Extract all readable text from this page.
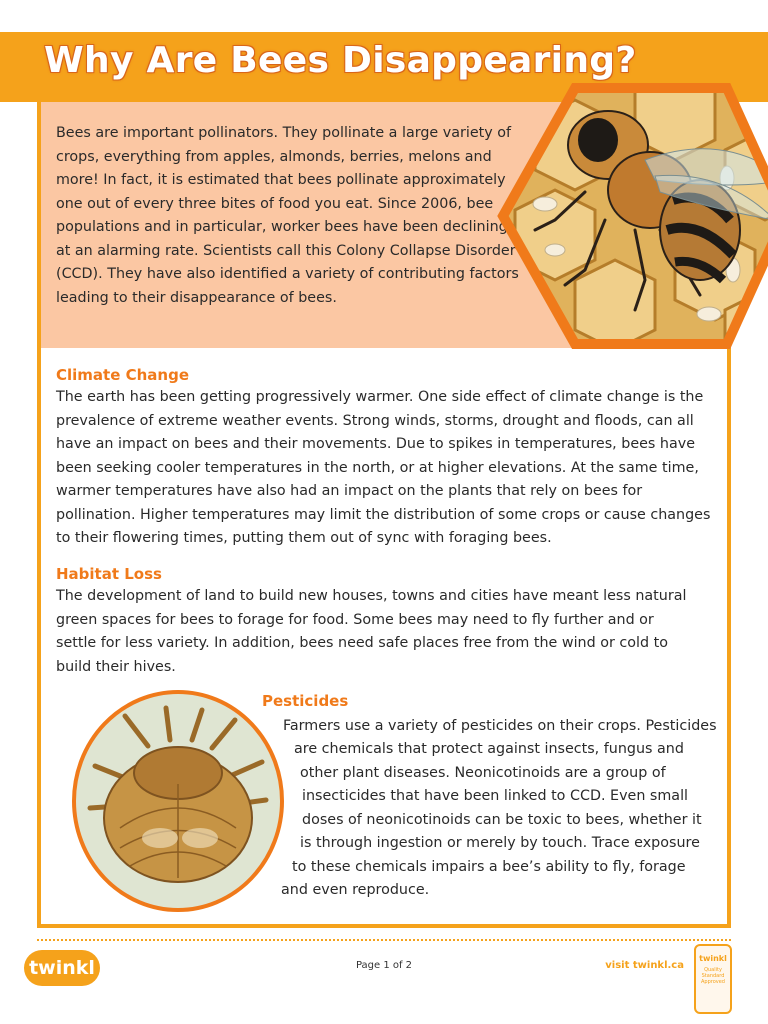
Why Are Bees Disappearing?

Bees are important pollinators. They pollinate a large variety of crops, everything from apples, almonds, berries, melons and more! In fact, it is estimated that bees pollinate approximately one out of every three bites of food you eat. Since 2006, bee populations and in particular, worker bees have been declining at an alarming rate. Scientists call this Colony Collapse Disorder (CCD). They have also identified a variety of contributing factors leading to their disappearance of bees.

Climate Change

The earth has been getting progressively warmer. One side effect of climate change is the prevalence of extreme weather events. Strong winds, storms, drought and floods, can all have an impact on bees and their movements. Due to spikes in temperatures, bees have been seeking cooler temperatures in the north, or at higher elevations. At the same time, warmer temperatures have also had an impact on the plants that rely on bees for pollination. Higher temperatures may limit the distribution of some crops or cause changes to their flowering times, putting them out of sync with foraging bees.

Habitat Loss

The development of land to build new houses, towns and cities have meant less natural green spaces for bees to forage for food. Some bees may need to fly further and or settle for less variety. In addition, bees need safe places free from the wind or cold to build their hives.

Pesticides

Farmers use a variety of pesticides on their crops. Pesticides

are chemicals that protect against insects, fungus and

other plant diseases. Neonicotinoids are a group of

insecticides that have been linked to CCD. Even small

doses of neonicotinoids can be toxic to bees, whether it

is through ingestion or merely by touch. Trace exposure

to these chemicals impairs a bee’s ability to fly, forage

and even reproduce.

twinkl	Page 1 of 2	visit twinkl.ca

twinkl
Quality Standard Approved
